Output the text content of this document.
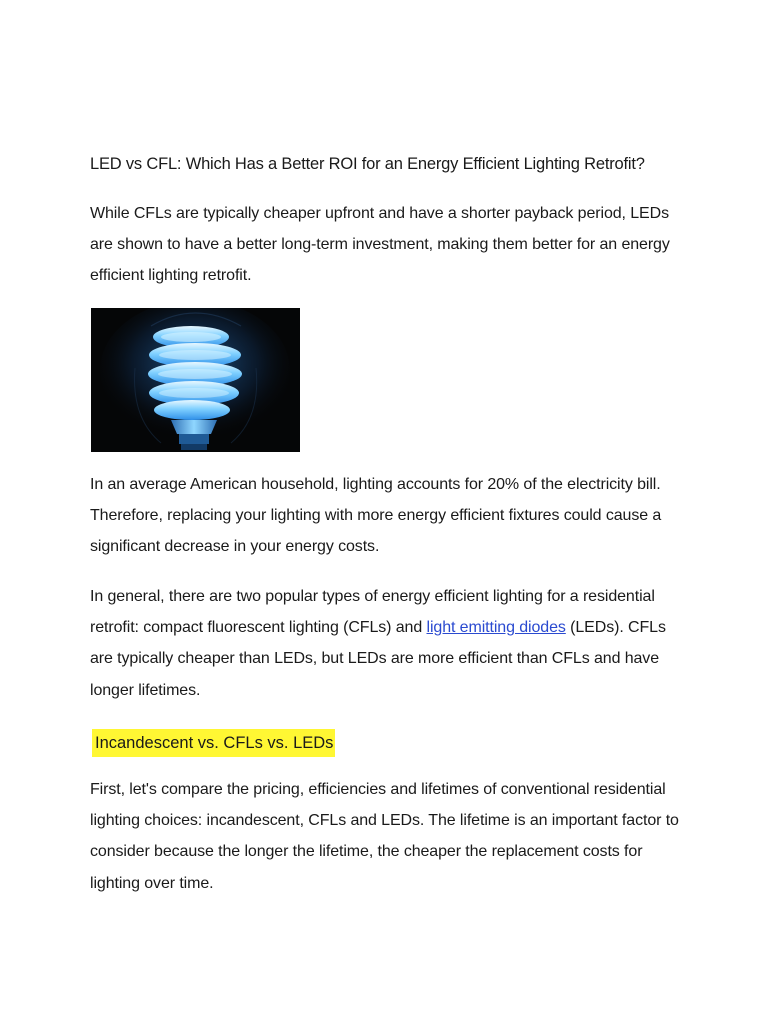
LED vs CFL: Which Has a Better ROI for an Energy Efficient Lighting Retrofit?

While CFLs are typically cheaper upfront and have a shorter payback period, LEDs are shown to have a better long-term investment, making them better for an energy efficient lighting retrofit.

In an average American household, lighting accounts for 20% of the electricity bill. Therefore, replacing your lighting with more energy efficient fixtures could cause a significant decrease in your energy costs.

In general, there are two popular types of energy efficient lighting for a residential retrofit: compact fluorescent lighting (CFLs) and light emitting diodes (LEDs). CFLs are typically cheaper than LEDs, but LEDs are more efficient than CFLs and have longer lifetimes.

Incandescent vs. CFLs vs. LEDs

First, let's compare the pricing, efficiencies and lifetimes of conventional residential lighting choices: incandescent, CFLs and LEDs. The lifetime is an important factor to consider because the longer the lifetime, the cheaper the replacement costs for lighting over time.
